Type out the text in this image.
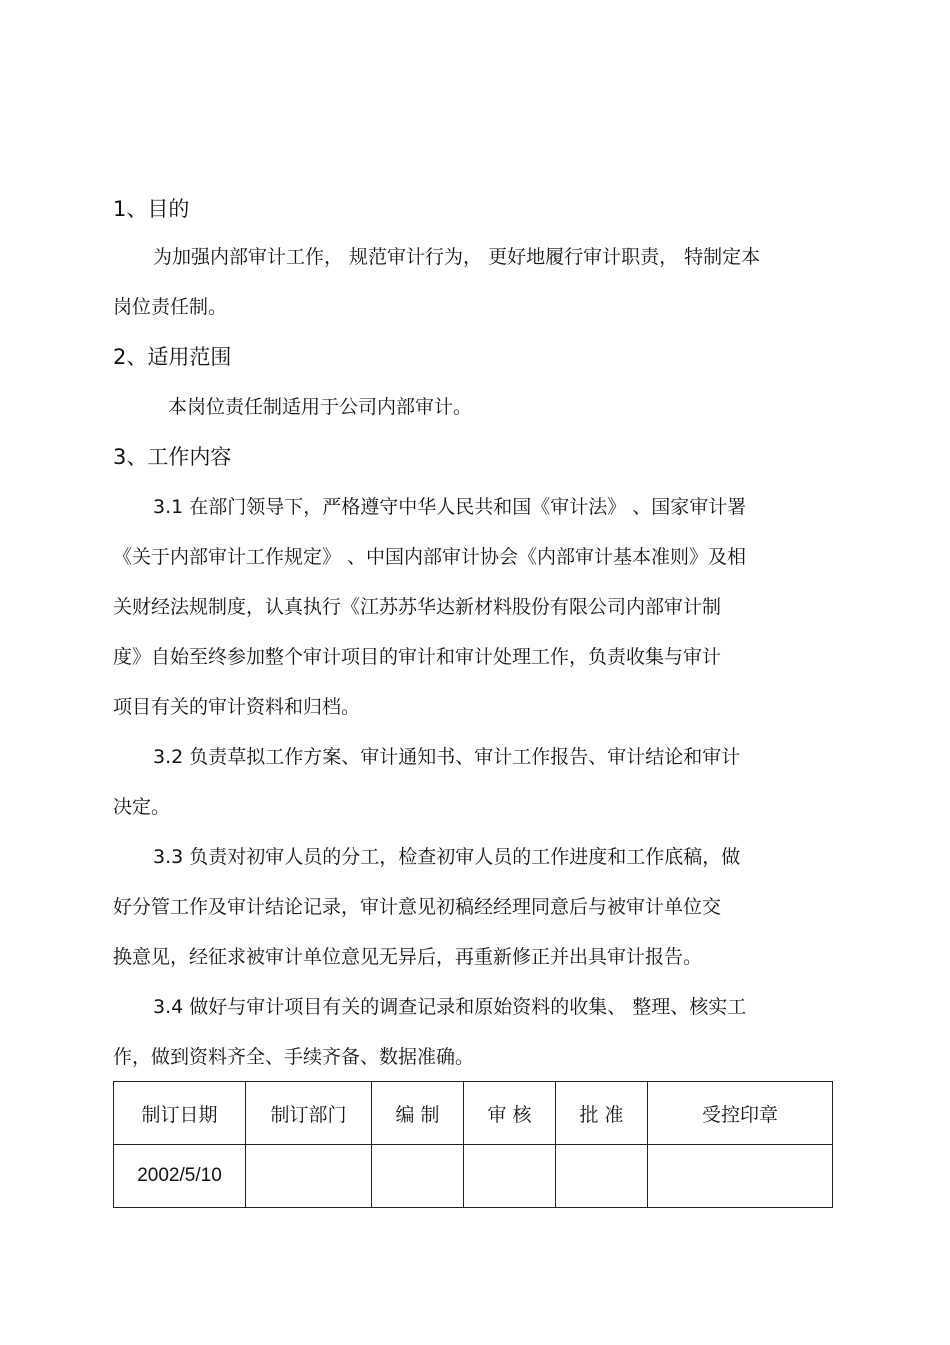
1、目的
为加强内部审计工作， 规范审计行为， 更好地履行审计职责， 特制定本
岗位责任制。
2、适用范围
本岗位责任制适用于公司内部审计。
3、工作内容
3.1 在部门领导下，严格遵守中华人民共和国《审计法》 、国家审计署
《关于内部审计工作规定》 、中国内部审计协会《内部审计基本准则》及相
关财经法规制度，认真执行《江苏苏华达新材料股份有限公司内部审计制
度》自始至终参加整个审计项目的审计和审计处理工作，负责收集与审计
项目有关的审计资料和归档。
3.2 负责草拟工作方案、审计通知书、审计工作报告、审计结论和审计
决定。
3.3 负责对初审人员的分工，检查初审人员的工作进度和工作底稿，做
好分管工作及审计结论记录，审计意见初稿经经理同意后与被审计单位交
换意见，经征求被审计单位意见无异后，再重新修正并出具审计报告。
3.4 做好与审计项目有关的调查记录和原始资料的收集、 整理、核实工
作，做到资料齐全、手续齐备、数据准确。
制订日期	制订部门	编 制	审 核	批 准	受控印章
2002/5/10					
